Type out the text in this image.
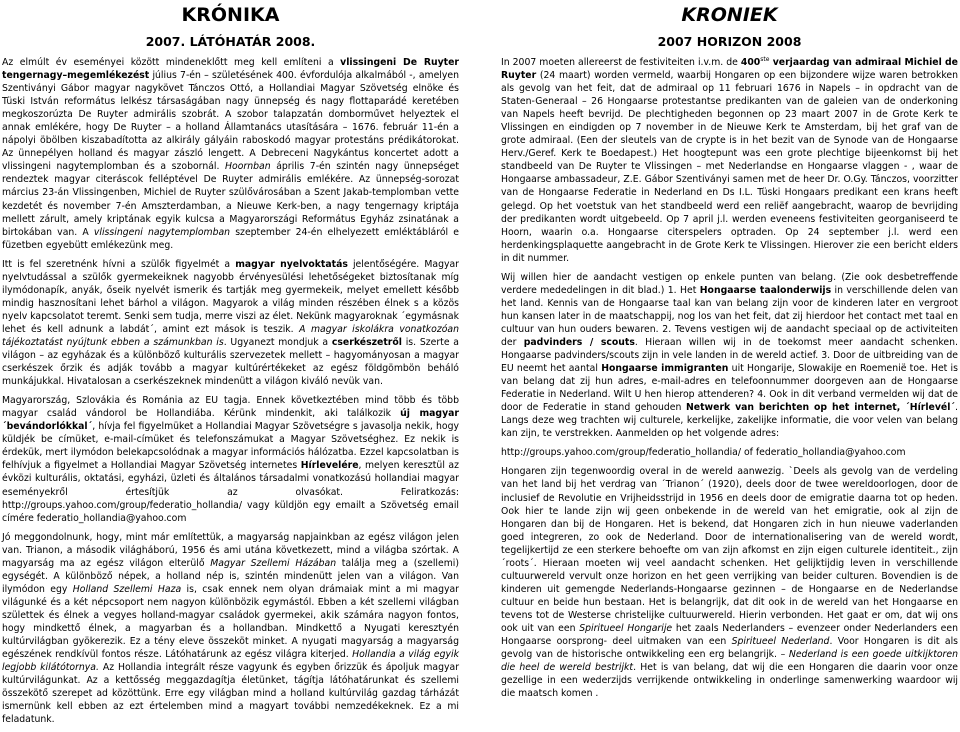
KRÓNIKA
2007. LÁTÓHATÁR 2008.

Az elmúlt év eseményei között mindeneklőtt meg kell említeni a vlissingeni De Ruyter tengernagy–megemlékezést július 7-én – születésének 400. évfordulója alkalmából -, amelyen Szentiványi Gábor magyar nagykövet Tánczos Ottó, a Hollandiai Magyar Szövetség elnöke és Tüski István református lelkész társaságában nagy ünnepség és nagy flottaparádé keretében megkoszorúzta De Ruyter admirális szobrát. A szobor talapzatán domborművet helyeztek el annak emlékére, hogy De Ruyter – a holland Államtanács utasítására – 1676. február 11-én a nápolyi öbölben kiszabadította az alkirály gályáin raboskodó magyar protestáns prédikátorokat. Az ünnepélyen holland és magyar zászló lengett. A Debreceni Nagykántus koncertet adott a vlissingeni nagytemplomban és a szobornál. Hoornban április 7-én szintén nagy ünnepséget rendeztek magyar citeráscok felléptével De Ruyter admirális emlékére. Az ünnepség-sorozat március 23-án Vlissingenben, Michiel de Ruyter szülővárosában a Szent Jakab-templomban vette kezdetét és november 7-én Amszterdamban, a Nieuwe Kerk-ben, a nagy tengernagy kriptája mellett zárult, amely kriptának egyik kulcsa a Magyarországi Református Egyház zsinatának a birtokában van. A vlissingeni nagytemplomban szeptember 24-én elhelyezett emléktábláról e füzetben egyebütt emlékezünk meg.

Itt is fel szeretnénk hívni a szülők figyelmét a magyar nyelvoktatás jelentőségére. Magyar nyelvtudással a szülők gyermekeiknek nagyobb érvényesülési lehetőségeket biztosítanak míg ilymódonapík, anyák, őseik nyelvét ismerik és tartják meg gyermekeik, melyet emellett később mindig hasznosítani lehet bárhol a világon. Magyarok a világ minden részében élnek s a közös nyelv kapcsolatot teremt. Senki sem tudja, merre viszi az élet. Nekünk magyaroknak ´egymásnak lehet és kell adnunk a labdát´, amint ezt mások is teszik. A magyar iskolákra vonatkozóan tájékoztatást nyújtunk ebben a számunkban is. Ugyanezt mondjuk a cserkészetről is. Szerte a világon – az egyházak és a különböző kulturális szervezetek mellett – hagyományosan a magyar cserkészek őrzik és adják tovább a magyar kultúrértékeket az egész földgömbön beháló munkájukkal. Hivatalosan a cserkészeknek mindenütt a világon kiváló nevük van.

Magyarország, Szlovákia és Románia az EU tagja. Ennek következtében mind több és több magyar család vándorol be Hollandiába. Kérünk mindenkit, aki találkozik új magyar ´bevándorlókkal´, hívja fel figyelmüket a Hollandiai Magyar Szövetségre s javasolja nekik, hogy küldjék be címüket, e-mail-címüket és telefonszámukat a Magyar Szövetséghez. Ez nekik is érdekük, mert ilymódon belekapcsolódnak a magyar információs hálózatba. Ezzel kapcsolatban is felhívjuk a figyelmet a Hollandiai Magyar Szövetség internetes Hírlevelére, melyen keresztül az évközi kulturális, oktatási, egyházi, üzleti és általános társadalmi vonatkozású hollandiai magyar eseményekről értesítjük az olvasókat. Feliratkozás: http://groups.yahoo.com/group/federatio_hollandia/ vagy küldjön egy emailt a Szövetség email címére federatio_hollandia@yahoo.com

Jó meggondolnunk, hogy, mint már említettük, a magyarság napjainkban az egész világon jelen van. Trianon, a második világháború, 1956 és ami utána következett, mind a világba szórtak. A magyarság ma az egész világon elterülő Magyar Szellemi Házában találja meg a (szellemi) egységét. A különböző népek, a holland nép is, szintén mindenütt jelen van a világon. Van ilymódon egy Holland Szellemi Haza is, csak ennek nem olyan drámaiak mint a mi magyar világunké és a két népcsoport nem nagyon különbözik egymástól. Ebben a két szellemi világban születtek és élnek a vegyes holland-magyar családok gyermekei, akik számára nagyon fontos, hogy mindkettő élnek, a magyarban és a hollandban. Mindkettő a Nyugati keresztyén kultúrvilágban gyökerezik. Ez a tény eleve összeköt minket. A nyugati magyarság a magyarság egészének rendkívül fontos része. Látóhatárunk az egész világra kiterjed. Hollandia a világ egyik legjobb kilátótornya. Az Hollandia integrált része vagyunk és egyben őrizzük és ápoljuk magyar kultúrvilágunkat. Az a kettősség meggazdagítja életünket, tágítja látóhatárunkat és szellemi összekötő szerepet ad közöttünk. Erre egy világban mind a holland kultúrvilág gazdag tárházát ismernünk kell ebben az ezt értelemben mind a magyart további nemzedékeknek. Ez a mi feladatunk.

KRONIEK
2007 HORIZON 2008

In 2007 moeten allereerst de festiviteiten i.v.m. de 400ste verjaardag van admiraal Michiel de Ruyter (24 maart) worden vermeld, waarbij Hongaren op een bijzondere wijze waren betrokken als gevolg van het feit, dat de admiraal op 11 februari 1676 in Napels – in opdracht van de Staten-Generaal – 26 Hongaarse protestantse predikanten van de galeien van de onderkoning van Napels heeft bevrijd. De plechtigheden begonnen op 23 maart 2007 in de Grote Kerk te Vlissingen en eindigden op 7 november in de Nieuwe Kerk te Amsterdam, bij het graf van de grote admiraal. (Een der sleutels van de crypte is in het bezit van de Synode van de Hongaarse Herv./Geref. Kerk te Boedapest.) Het hoogtepunt was een grote plechtige bijeenkomst bij het standbeeld van De Ruyter te Vlissingen – met Nederlandse en Hongaarse vlaggen - , waar de Hongaarse ambassadeur, Z.E. Gábor Szentiványi samen met de heer Dr. O.Gy. Tánczos, voorzitter van de Hongaarse Federatie in Nederland en Ds I.L. Tüski Hongaars predikant een krans heeft gelegd. Op het voetstuk van het standbeeld werd een reliëf aangebracht, waarop de bevrijding der predikanten wordt uitgebeeld. Op 7 april j.l. werden eveneens festiviteiten georganiseerd te Hoorn, waarin o.a. Hongaarse citerspelers optraden. Op 24 september j.l. werd een herdenkingsplaquette aangebracht in de Grote Kerk te Vlissingen. Hierover zie een bericht elders in dit nummer.

Wij willen hier de aandacht vestigen op enkele punten van belang. (Zie ook desbetreffende verdere mededelingen in dit blad.) 1. Het Hongaarse taalonderwijs in verschillende delen van het land. Kennis van de Hongaarse taal kan van belang zijn voor de kinderen later en vergroot hun kansen later in de maatschappij, nog los van het feit, dat zij hierdoor het contact met taal en cultuur van hun ouders bewaren. 2. Tevens vestigen wij de aandacht speciaal op de activiteiten der padvinders / scouts. Hieraan willen wij in de toekomst meer aandacht schenken. Hongaarse padvinders/scouts zijn in vele landen in de wereld actief. 3. Door de uitbreiding van de EU neemt het aantal Hongaarse immigranten uit Hongarije, Slowakije en Roemenië toe. Het is van belang dat zij hun adres, e-mail-adres en telefoonnummer doorgeven aan de Hongaarse Federatie in Nederland. Wilt U hen hierop attenderen? 4. Ook in dit verband vermelden wij dat de door de Federatie in stand gehouden Netwerk van berichten op het internet, ´Hírlevél´. Langs deze weg trachten wij culturele, kerkelijke, zakelijke informatie, die voor velen van belang kan zijn, te verstrekken. Aanmelden op het volgende adres:

http://groups.yahoo.com/group/federatio_hollandia/ of federatio_hollandia@yahoo.com

Hongaren zijn tegenwoordig overal in de wereld aanwezig. `Deels als gevolg van de verdeling van het land bij het verdrag van ´Trianon´ (1920), deels door de twee wereldoorlogen, door de inclusief de Revolutie en Vrijheidsstrijd in 1956 en deels door de emigratie daarna tot op heden. Ook hier te lande zijn wij geen onbekende in de wereld van het emigratie, ook al zijn de Hongaren dan bij de Hongaren. Het is bekend, dat Hongaren zich in hun nieuwe vaderlanden goed integreren, zo ook de Nederland. Door de internationalisering van de wereld wordt, tegelijkertijd ze een sterkere behoefte om van zijn afkomst en zijn eigen culturele identiteit., zijn ´roots´. Hieraan moeten wij veel aandacht schenken. Het gelijktijdig leven in verschillende cultuurwereld vervult onze horizon en het geen verrijking van beider culturen. Bovendien is de kinderen uit gemengde Nederlands-Hongaarse gezinnen – de Hongaarse en de Nederlandse cultuur en beide hun bestaan. Het is belangrijk, dat dit ook in de wereld van het Hongaarse en tevens tot de Westerse christelijke cultuurwereld. Hierin verbonden. Het gaat er om, dat wij ons ook uit van een Spiritueel Hongarije het zaals Nederlanders – evenzeer onder Nederlanders een Hongaarse oorsprong- deel uitmaken van een Spiritueel Nederland. Voor Hongaren is dit als gevolg van de historische ontwikkeling een erg belangrijk. – Nederland is een goede uitkijktoren die heel de wereld bestrijkt. Het is van belang, dat wij die een Hongaren die daarin voor onze gezellige in een wederzijds verrijkende ontwikkeling in onderlinge samenwerking waardoor wij die maatsch komen .
